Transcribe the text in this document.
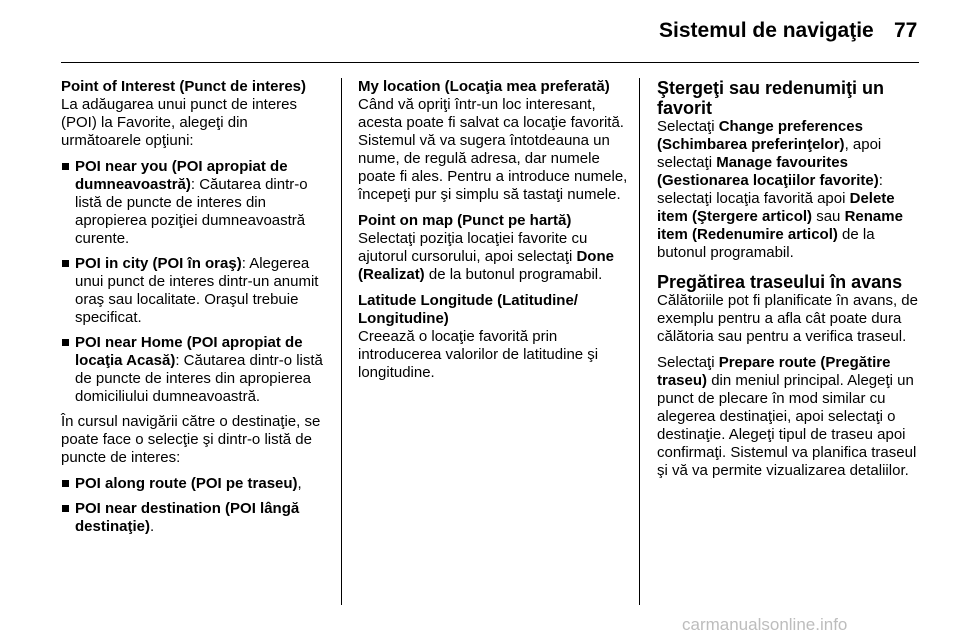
Sistemul de navigaţie 77
Point of Interest (Punct de interes)

La adăugarea unui punct de interes (POI) la Favorite, alegeţi din următoarele opţiuni:

POI near you (POI apropiat de dumneavoastră): Căutarea dintr-o listă de puncte de interes din apropierea poziţiei dumneavoastră curente.
POI in city (POI în oraş): Alegerea unui punct de interes dintr-un anumit oraş sau localitate. Oraşul trebuie specificat.
POI near Home (POI apropiat de locaţia Acasă): Căutarea dintr-o listă de puncte de interes din apropierea domiciliului dumneavoastră.

În cursul navigării către o destinaţie, se poate face o selecţie şi dintr-o listă de puncte de interes:

POI along route (POI pe traseu),
POI near destination (POI lângă destinaţie).
My location (Locaţia mea preferată)

Când vă opriţi într-un loc interesant, acesta poate fi salvat ca locaţie favorită. Sistemul vă va sugera întotdeauna un nume, de regulă adresa, dar numele poate fi ales. Pentru a introduce numele, începeţi pur şi simplu să tastaţi numele.

Point on map (Punct pe hartă)

Selectaţi poziţia locaţiei favorite cu ajutorul cursorului, apoi selectaţi Done (Realizat) de la butonul programabil.

Latitude Longitude (Latitudine/ Longitudine)

Creează o locaţie favorită prin introducerea valorilor de latitudine şi longitudine.

Ştergeţi sau redenumiţi un favorit

Selectaţi Change preferences (Schimbarea preferinţelor), apoi selectaţi Manage favourites (Gestionarea locaţiilor favorite): selectaţi locaţia favorită apoi Delete item (Ştergere articol) sau Rename item (Redenumire articol) de la butonul programabil.

Pregătirea traseului în avans

Călătoriile pot fi planificate în avans, de exemplu pentru a afla cât poate dura călătoria sau pentru a verifica traseul.

Selectaţi Prepare route (Pregătire traseu) din meniul principal. Alegeţi un punct de plecare în mod similar cu alegerea destinaţiei, apoi selectaţi o destinaţie. Alegeţi tipul de traseu apoi confirmaţi. Sistemul va planifica traseul şi vă va permite vizualizarea detaliilor.

carmanualsonline.info
